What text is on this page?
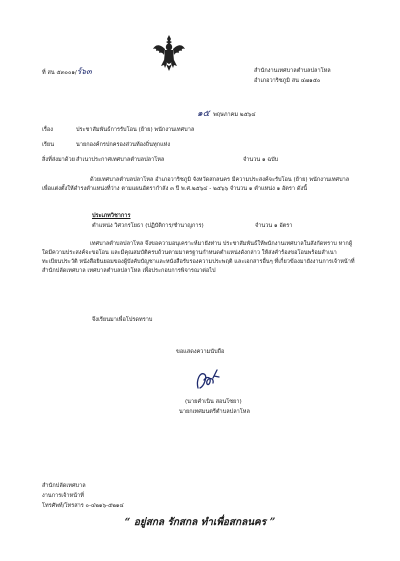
ที่ สน ๕๓๐๐๑/ร์๖๓	สำนักงานเทศบาลตำบลปลาโหล
อำเภอวาริชภูมิ สน ๔๗๑๕๐
๑๕ พฤษภาคม ๒๕๖๔
เรื่อง	ประชาสัมพันธ์การรับโอน (ย้าย) พนักงานเทศบาล
เรียน	นายกองค์กรปกครองส่วนท้องถิ่นทุกแห่ง
สิ่งที่ส่งมาด้วย สำเนาประกาศเทศบาลตำบลปลาโหล	จำนวน ๑ ฉบับ
ด้วยเทศบาลตำบลปลาโหล อำเภอวาริชภูมิ จังหวัดสกลนคร มีความประสงค์จะรับโอน (ย้าย) พนักงานเทศบาล เพื่อแต่งตั้งให้ดำรงตำแหน่งที่ว่าง ตามแผนอัตรากำลัง ๓ ปี พ.ศ.๒๕๖๔ - ๒๕๖๖ จำนวน ๑ ตำแหน่ง ๑ อัตรา ดังนี้
ประเภทวิชาการ
ตำแหน่ง วิศวกรโยธา (ปฏิบัติการ/ชำนาญการ)	จำนวน ๑ อัตรา
เทศบาลตำบลปลาโหล จึงขอความอนุเคราะห์มายังท่าน ประชาสัมพันธ์ให้พนักงานเทศบาลในสังกัดทราบ หากผู้ใดมีความประสงค์จะขอโอน และมีคุณสมบัติครบถ้วนตามมาตรฐานกำหนดตำแหน่งดังกล่าว ให้ส่งคำร้องขอโอนพร้อมสำเนาทะเบียนประวัติ หนังสือยินยอมของผู้บังคับบัญชาและหนังสือรับรองความประพฤติ และเอกสารอื่นๆ ที่เกี่ยวข้องมายังงานการเจ้าหน้าที่ สำนักปลัดเทศบาล เทศบาลตำบลปลาโหล เพื่อประกอบการพิจารณาต่อไป
จึงเรียนมาเพื่อโปรดทราบ
ขอแสดงความนับถือ
(นายคำเนิน สอนโซยา)
นายกเทศมนตรีตำบลปลาโหล
สำนักปลัดเทศบาล
งานการเจ้าหน้าที่
โทรศัพท์/โทรสาร ๐-๔๒๑๖-๕๒๑๔
“ อยู่สกล รักสกล ทำเพื่อสกลนคร ”
